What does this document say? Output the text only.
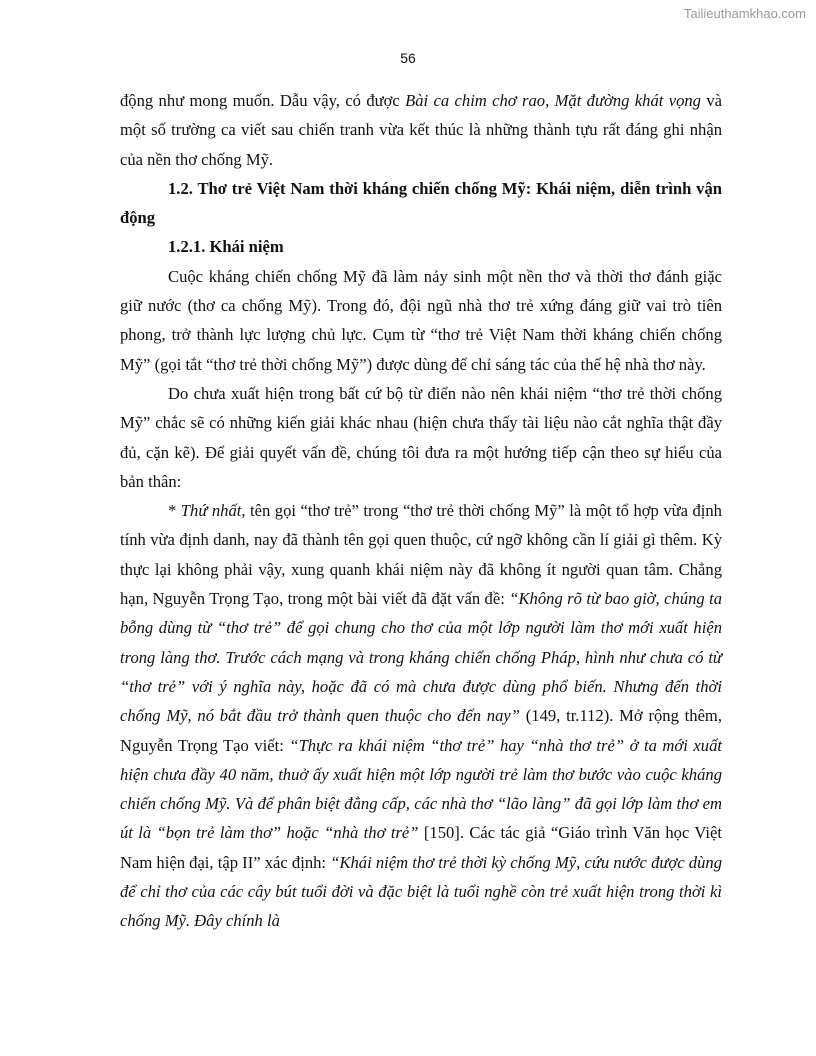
Tailieuthamkhao.com
56

động như mong muốn. Dẫu vậy, có được Bài ca chim chơ rao, Mặt đường khát vọng và một số trường ca viết sau chiến tranh vừa kết thúc là những thành tựu rất đáng ghi nhận của nền thơ chống Mỹ.

1.2. Thơ trẻ Việt Nam thời kháng chiến chống Mỹ: Khái niệm, diễn trình vận động

1.2.1. Khái niệm

Cuộc kháng chiến chống Mỹ đã làm nảy sinh một nền thơ và thời thơ đánh giặc giữ nước (thơ ca chống Mỹ). Trong đó, đội ngũ nhà thơ trẻ xứng đáng giữ vai trò tiên phong, trở thành lực lượng chủ lực. Cụm từ “thơ trẻ Việt Nam thời kháng chiến chống Mỹ” (gọi tắt “thơ trẻ thời chống Mỹ”) được dùng để chỉ sáng tác của thế hệ nhà thơ này.

Do chưa xuất hiện trong bất cứ bộ từ điển nào nên khái niệm “thơ trẻ thời chống Mỹ” chắc sẽ có những kiến giải khác nhau (hiện chưa thấy tài liệu nào cắt nghĩa thật đầy đủ, cặn kẽ). Để giải quyết vấn đề, chúng tôi đưa ra một hướng tiếp cận theo sự hiểu của bản thân:

* Thứ nhất, tên gọi “thơ trẻ” trong “thơ trẻ thời chống Mỹ” là một tổ hợp vừa định tính vừa định danh, nay đã thành tên gọi quen thuộc, cứ ngỡ không cần lí giải gì thêm. Kỳ thực lại không phải vậy, xung quanh khái niệm này đã không ít người quan tâm. Chẳng hạn, Nguyễn Trọng Tạo, trong một bài viết đã đặt vấn đề: “Không rõ từ bao giờ, chúng ta bỗng dùng từ “thơ trẻ” để gọi chung cho thơ của một lớp người làm thơ mới xuất hiện trong làng thơ. Trước cách mạng và trong kháng chiến chống Pháp, hình như chưa có từ “thơ trẻ” với ý nghĩa này, hoặc đã có mà chưa được dùng phổ biến. Nhưng đến thời chống Mỹ, nó bắt đầu trở thành quen thuộc cho đến nay” (149, tr.112). Mở rộng thêm, Nguyễn Trọng Tạo viết: “Thực ra khái niệm “thơ trẻ” hay “nhà thơ trẻ” ở ta mới xuất hiện chưa đầy 40 năm, thuở ấy xuất hiện một lớp người trẻ làm thơ bước vào cuộc kháng chiến chống Mỹ. Và để phân biệt đẳng cấp, các nhà thơ “lão làng” đã gọi lớp làm thơ em út là “bọn trẻ làm thơ” hoặc “nhà thơ trẻ” [150]. Các tác giả “Giáo trình Văn học Việt Nam hiện đại, tập II” xác định: “Khái niệm thơ trẻ thời kỳ chống Mỹ, cứu nước được dùng để chỉ thơ của các cây bút tuổi đời và đặc biệt là tuổi nghề còn trẻ xuất hiện trong thời kì chống Mỹ. Đây chính là
